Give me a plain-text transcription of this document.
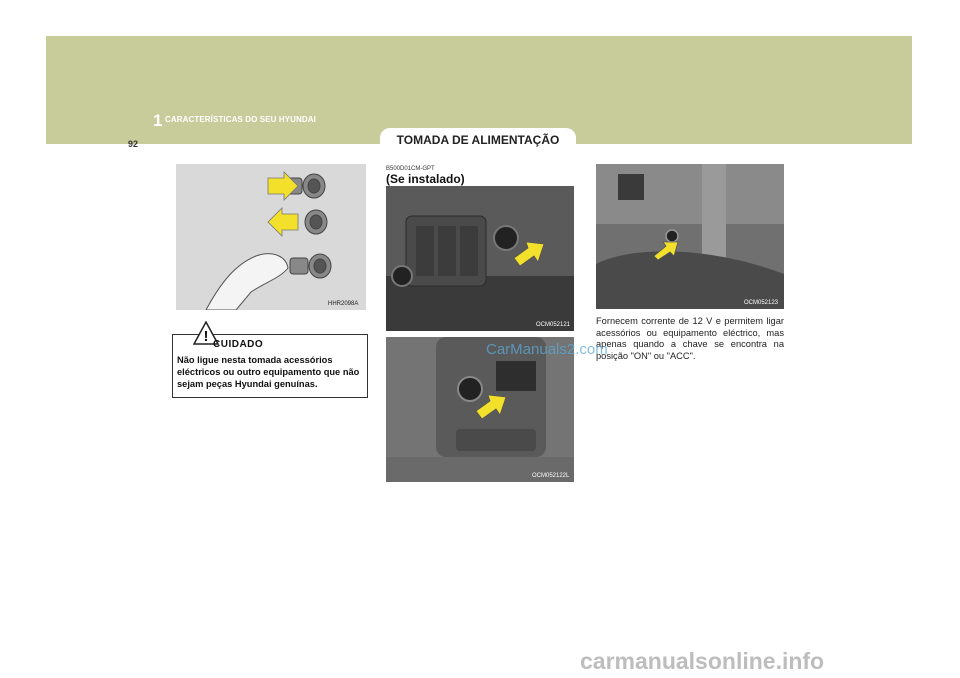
1 CARACTERÍSTICAS DO SEU HYUNDAI
92	TOMADA DE ALIMENTAÇÃO
HHR2098A
! CUIDADO
Não ligue nesta tomada acessórios eléctricos ou outro equipamento que não sejam peças Hyundai genuínas.
B500D01CM-GPT
(Se instalado)
OCM052121
OCM052122L
OCM052123
Fornecem corrente de 12 V e permitem ligar acessórios ou equipamento eléctrico, mas apenas quando a chave se encontra na posição "ON" ou "ACC".
CarManuals2.com
carmanualsonline.info
